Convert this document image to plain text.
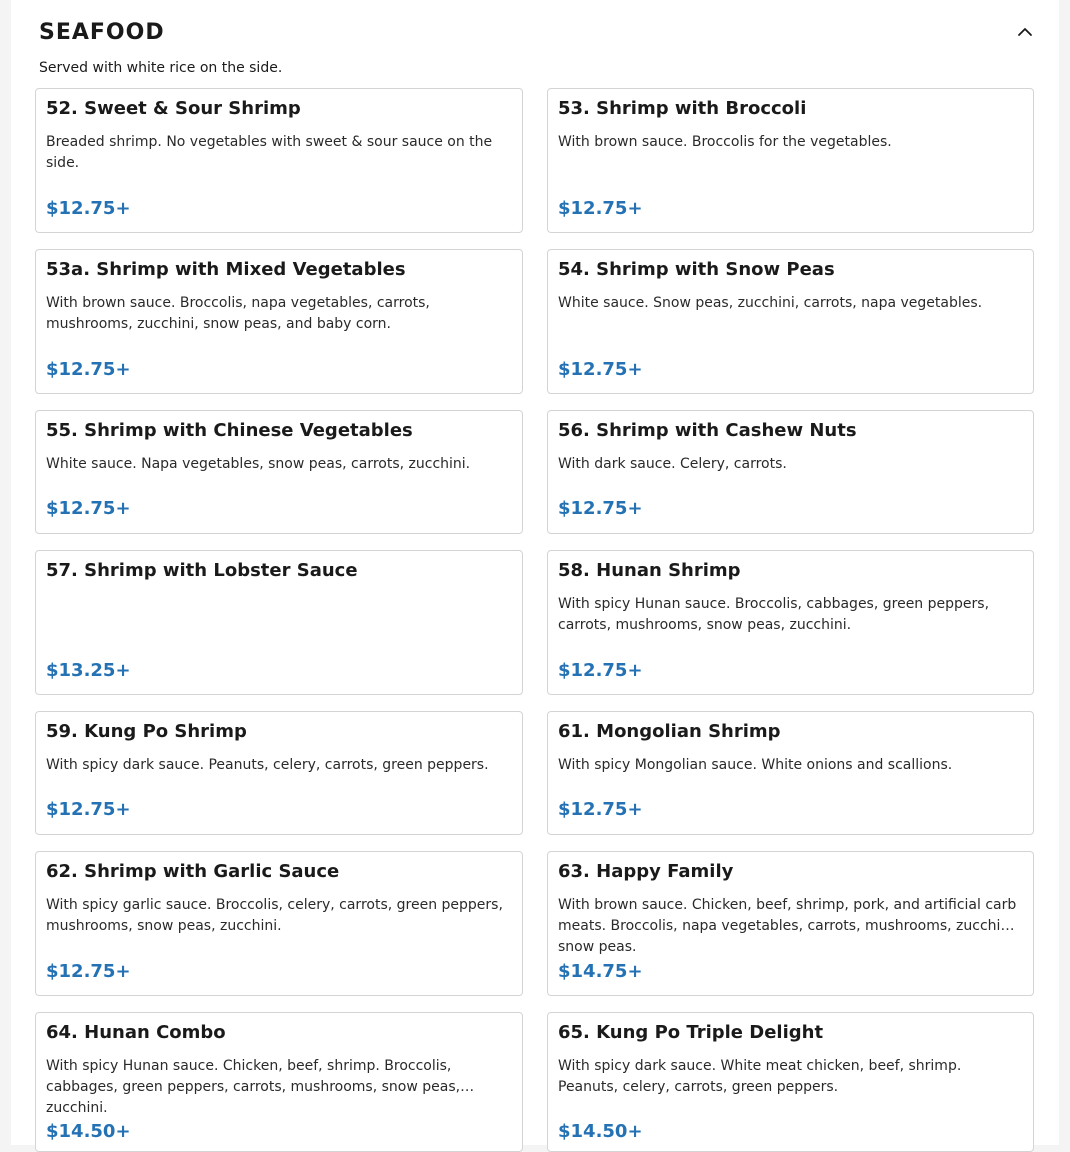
SEAFOOD
Served with white rice on the side.
52. Sweet & Sour Shrimp
Breaded shrimp. No vegetables with sweet & sour sauce on the side.
$12.75+
53. Shrimp with Broccoli
With brown sauce. Broccolis for the vegetables.
$12.75+
53a. Shrimp with Mixed Vegetables
With brown sauce. Broccolis, napa vegetables, carrots, mushrooms, zucchini, snow peas, and baby corn.
$12.75+
54. Shrimp with Snow Peas
White sauce. Snow peas, zucchini, carrots, napa vegetables.
$12.75+
55. Shrimp with Chinese Vegetables
White sauce. Napa vegetables, snow peas, carrots, zucchini.
$12.75+
56. Shrimp with Cashew Nuts
With dark sauce. Celery, carrots.
$12.75+
57. Shrimp with Lobster Sauce
$13.25+
58. Hunan Shrimp
With spicy Hunan sauce. Broccolis, cabbages, green peppers, carrots, mushrooms, snow peas, zucchini.
$12.75+
59. Kung Po Shrimp
With spicy dark sauce. Peanuts, celery, carrots, green peppers.
$12.75+
61. Mongolian Shrimp
With spicy Mongolian sauce. White onions and scallions.
$12.75+
62. Shrimp with Garlic Sauce
With spicy garlic sauce. Broccolis, celery, carrots, green peppers, mushrooms, snow peas, zucchini.
$12.75+
63. Happy Family
With brown sauce. Chicken, beef, shrimp, pork, and artificial carb meats. Broccolis, napa vegetables, carrots, mushrooms, zucchini, snow peas.
$14.75+
64. Hunan Combo
With spicy Hunan sauce. Chicken, beef, shrimp. Broccolis, cabbages, green peppers, carrots, mushrooms, snow peas, zucchini.
$14.50+
65. Kung Po Triple Delight
With spicy dark sauce. White meat chicken, beef, shrimp. Peanuts, celery, carrots, green peppers.
$14.50+
